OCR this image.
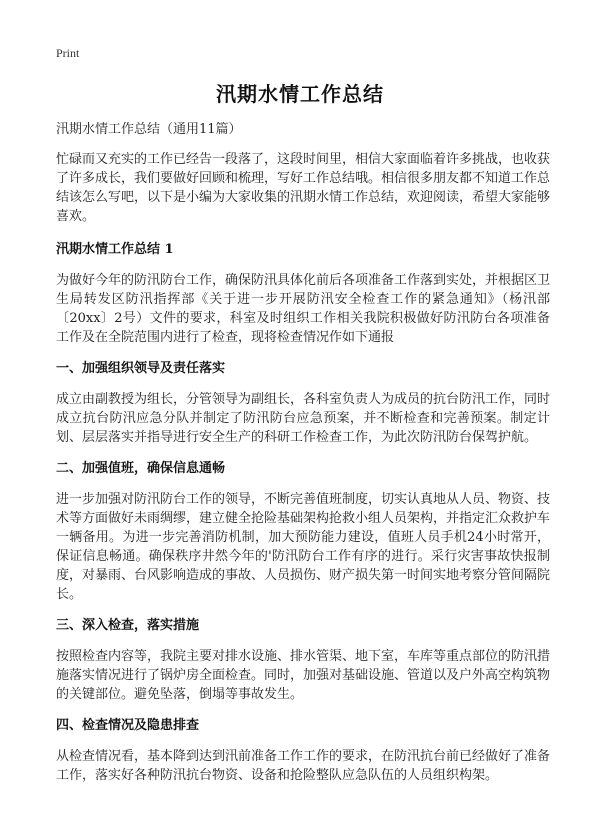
Print
汛期水情工作总结

汛期水情工作总结（通用11篇）

忙碌而又充实的工作已经告一段落了，这段时间里，相信大家面临着许多挑战，也收获了许多成长，我们要做好回顾和梳理，写好工作总结哦。相信很多朋友都不知道工作总结该怎么写吧，以下是小编为大家收集的汛期水情工作总结，欢迎阅读，希望大家能够喜欢。

汛期水情工作总结 1

为做好今年的防汛防台工作，确保防汛具体化前后各项准备工作落到实处，并根据区卫生局转发区防汛指挥部《关于进一步开展防汛安全检查工作的紧急通知》（杨汛部〔20xx〕2号）文件的要求，科室及时组织工作相关我院积极做好防汛防台各项准备工作及在全院范围内进行了检查，现将检查情况作如下通报

一、加强组织领导及责任落实

成立由副教授为组长，分管领导为副组长，各科室负责人为成员的抗台防汛工作，同时成立抗台防汛应急分队并制定了防汛防台应急预案，并不断检查和完善预案。制定计划、层层落实并指导进行安全生产的科研工作检查工作，为此次防汛防台保驾护航。

二、加强值班，确保信息通畅

进一步加强对防汛防台工作的领导，不断完善值班制度，切实认真地从人员、物资、技术等方面做好未雨绸缪，建立健全抢险基础架构抢救小组人员架构，并指定汇众救护车一辆备用。为进一步完善消防机制，加大预防能力建设，值班人员手机24小时常开，保证信息畅通。确保秩序井然今年的'防汛防台工作有序的进行。采行灾害事故快报制度，对暴雨、台风影响造成的事故、人员损伤、财产损失第一时间实地考察分管间隔院长。

三、深入检查，落实措施

按照检查内容等，我院主要对排水设施、排水管渠、地下室，车库等重点部位的防汛措施落实情况进行了锅炉房全面检查。同时，加强对基础设施、管道以及户外高空构筑物的关键部位。避免坠落，倒塌等事故发生。

四、检查情况及隐患排查

从检查情况看，基本降到达到汛前准备工作工作的要求，在防汛抗台前已经做好了准备工作，落实好各种防汛抗台物资、设备和抢险整队应急队伍的人员组织构架。
